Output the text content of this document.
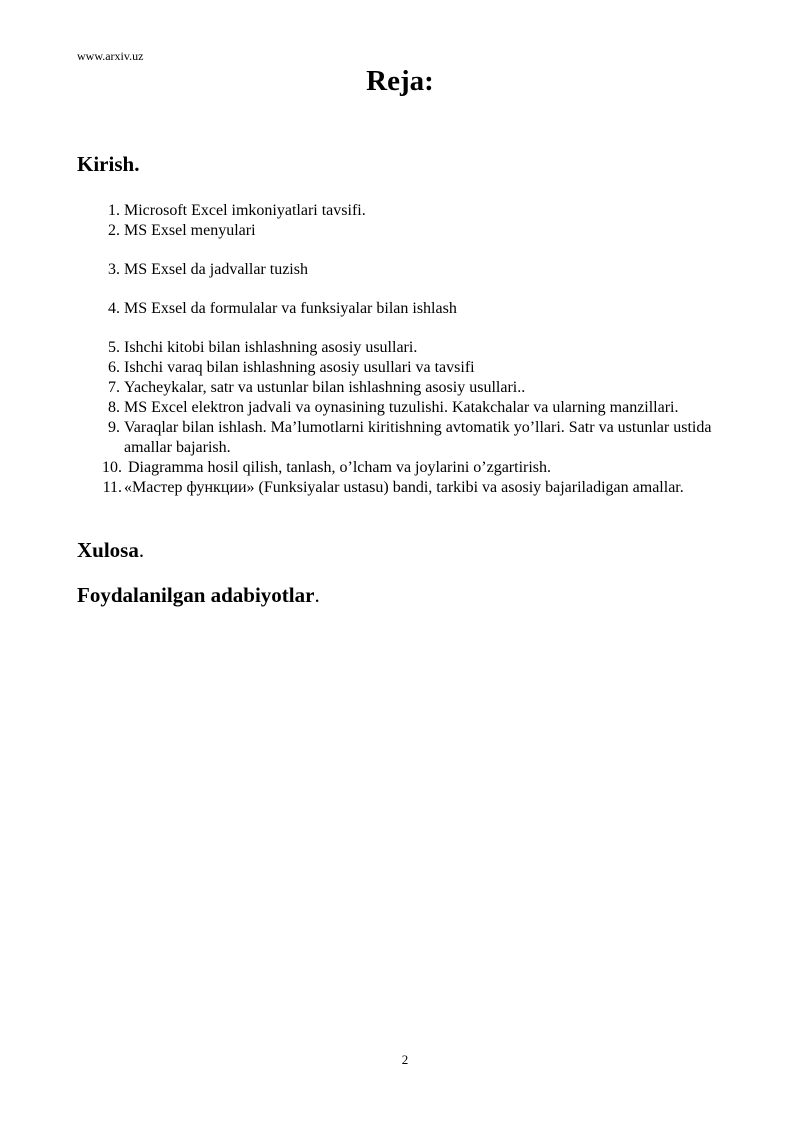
www.arxiv.uz
Reja:
Kirish.
1. Microsoft Excel imkoniyatlari tavsifi.
2. MS Exsel menyulari
3. MS Exsel da jadvallar tuzish
4. MS Exsel da formulalar va funksiyalar bilan ishlash
5. Ishchi kitobi bilan ishlashning asosiy usullari.
6. Ishchi varaq bilan ishlashning asosiy usullari va tavsifi
7. Yacheykalar, satr va ustunlar bilan ishlashning asosiy usullari..
8. MS Excel elektron jadvali va oynasining tuzulishi. Katakchalar va ularning manzillari.
9. Varaqlar bilan ishlash. Ma’lumotlarni kiritishning avtomatik yo’llari. Satr va ustunlar ustida amallar bajarish.
10. Diagramma hosil qilish, tanlash, o’lcham va joylarini o’zgartirish.
11. «Мастер функции» (Funksiyalar ustasu) bandi, tarkibi va asosiy bajariladigan amallar.
Xulosa.
Foydalanilgan adabiyotlar.
2
